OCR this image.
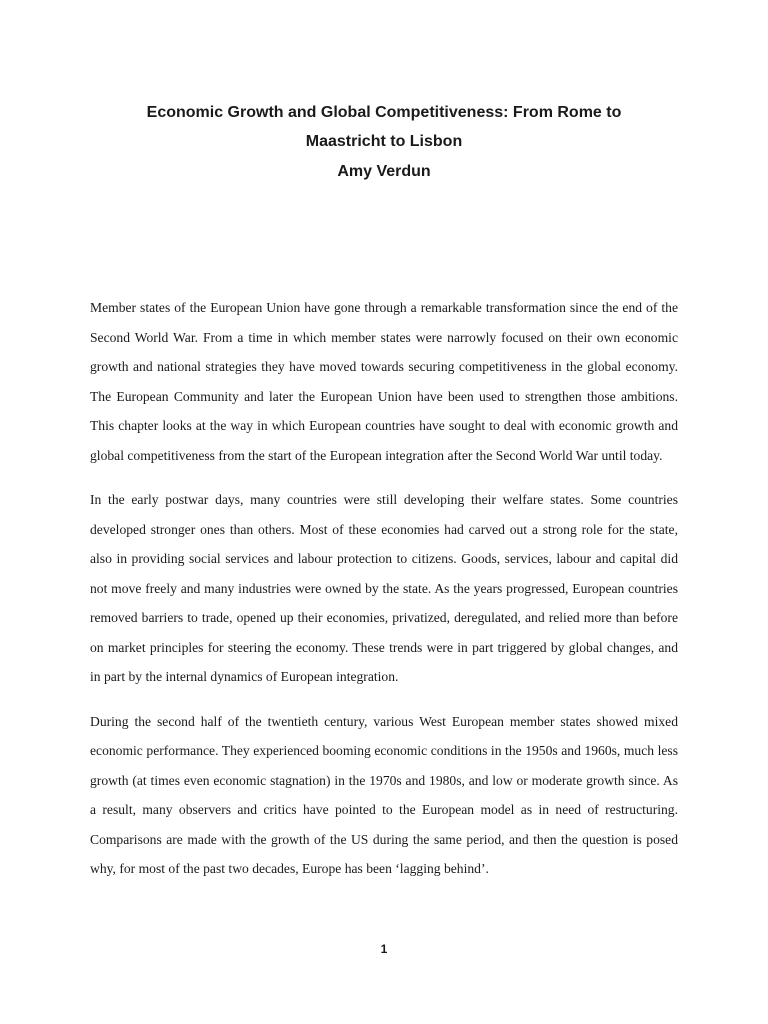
Economic Growth and Global Competitiveness: From Rome to
Maastricht to Lisbon
Amy Verdun

Member states of the European Union have gone through a remarkable transformation since the end of the Second World War. From a time in which member states were narrowly focused on their own economic growth and national strategies they have moved towards securing competitiveness in the global economy. The European Community and later the European Union have been used to strengthen those ambitions. This chapter looks at the way in which European countries have sought to deal with economic growth and global competitiveness from the start of the European integration after the Second World War until today.

In the early postwar days, many countries were still developing their welfare states. Some countries developed stronger ones than others. Most of these economies had carved out a strong role for the state, also in providing social services and labour protection to citizens. Goods, services, labour and capital did not move freely and many industries were owned by the state. As the years progressed, European countries removed barriers to trade, opened up their economies, privatized, deregulated, and relied more than before on market principles for steering the economy. These trends were in part triggered by global changes, and in part by the internal dynamics of European integration.

During the second half of the twentieth century, various West European member states showed mixed economic performance. They experienced booming economic conditions in the 1950s and 1960s, much less growth (at times even economic stagnation) in the 1970s and 1980s, and low or moderate growth since. As a result, many observers and critics have pointed to the European model as in need of restructuring. Comparisons are made with the growth of the US during the same period, and then the question is posed why, for most of the past two decades, Europe has been ‘lagging behind’.

1
